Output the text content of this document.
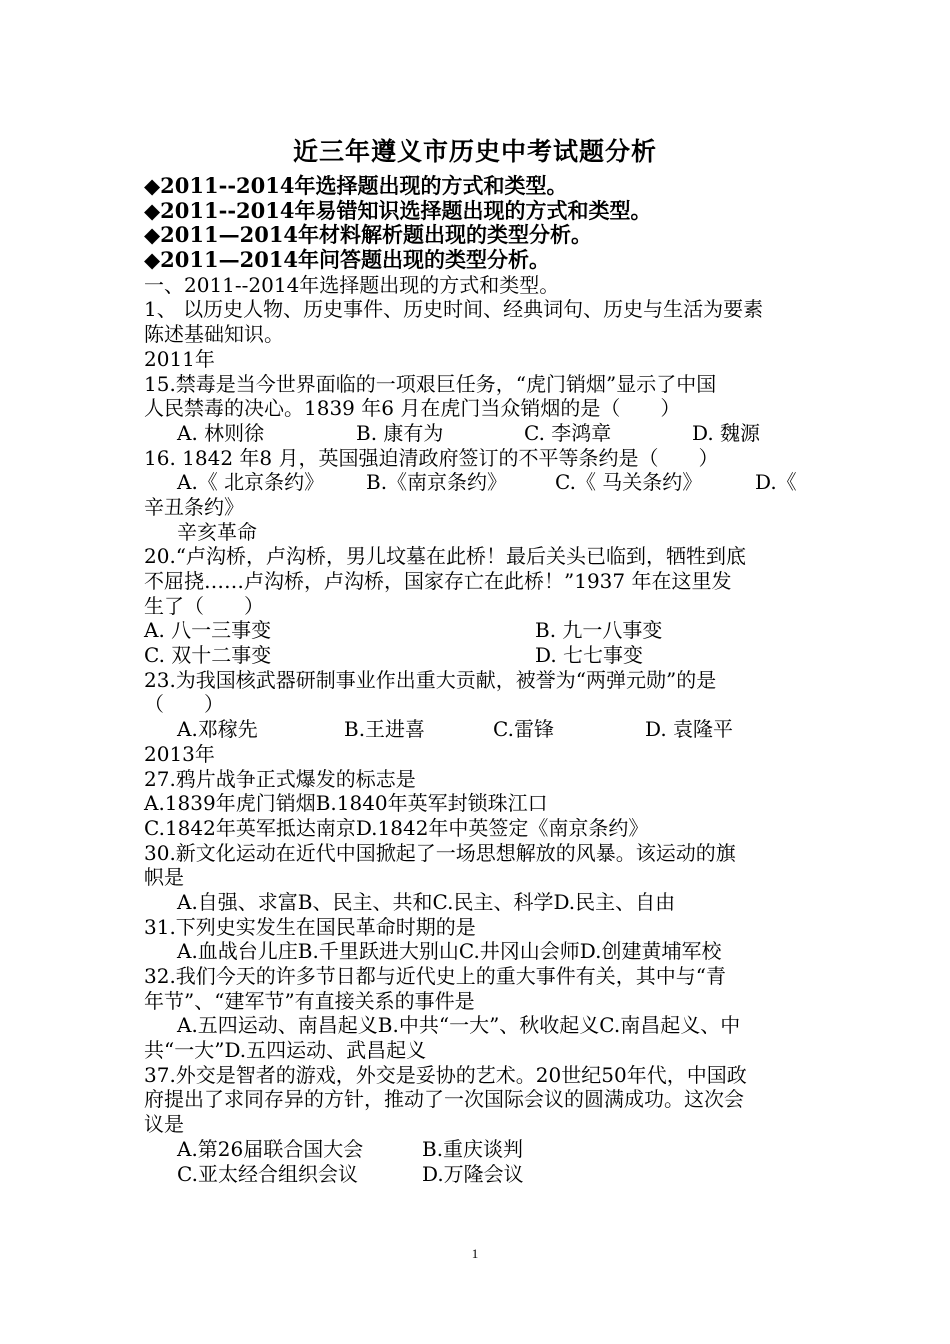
近三年遵义市历史中考试题分析
◆2011--2014年选择题出现的方式和类型。
◆2011--2014年易错知识选择题出现的方式和类型。
◆2011—2014年材料解析题出现的类型分析。
◆2011—2014年问答题出现的类型分析。
一、2011--2014年选择题出现的方式和类型。
1、 以历史人物、历史事件、历史时间、经典词句、历史与生活为要素
陈述基础知识。
2011年
15.禁毒是当今世界面临的一项艰巨任务，“虎门销烟”显示了中国
人民禁毒的决心。1839 年6 月在虎门当众销烟的是（　　）
A. 林则徐	B. 康有为	C. 李鸿章	D. 魏源
16. 1842 年8 月，英国强迫清政府签订的不平等条约是（　　）
A.《 北京条约》	B.《南京条约》	C.《 马关条约》	D.《
辛丑条约》
辛亥革命
20.“卢沟桥，卢沟桥，男儿坟墓在此桥！最后关头已临到，牺牲到底
不屈挠……卢沟桥，卢沟桥，国家存亡在此桥！”1937 年在这里发
生了（　　）
A. 八一三事变	B. 九一八事变
C. 双十二事变	D. 七七事变
23.为我国核武器研制事业作出重大贡献，被誉为“两弹元勋”的是
（　　）
A.邓稼先	B.王进喜	C.雷锋	D. 袁隆平
2013年
27.鸦片战争正式爆发的标志是
A.1839年虎门销烟B.1840年英军封锁珠江口
C.1842年英军抵达南京D.1842年中英签定《南京条约》
30.新文化运动在近代中国掀起了一场思想解放的风暴。该运动的旗
帜是
A.自强、求富B、民主、共和C.民主、科学D.民主、自由
31.下列史实发生在国民革命时期的是
A.血战台儿庄B.千里跃进大别山C.井冈山会师D.创建黄埔军校
32.我们今天的许多节日都与近代史上的重大事件有关，其中与“青
年节”、“建军节”有直接关系的事件是
A.五四运动、南昌起义B.中共“一大”、秋收起义C.南昌起义、中
共“一大”D.五四运动、武昌起义
37.外交是智者的游戏，外交是妥协的艺术。20世纪50年代，中国政
府提出了求同存异的方针，推动了一次国际会议的圆满成功。这次会
议是
A.第26届联合国大会	B.重庆谈判
C.亚太经合组织会议	D.万隆会议
1
